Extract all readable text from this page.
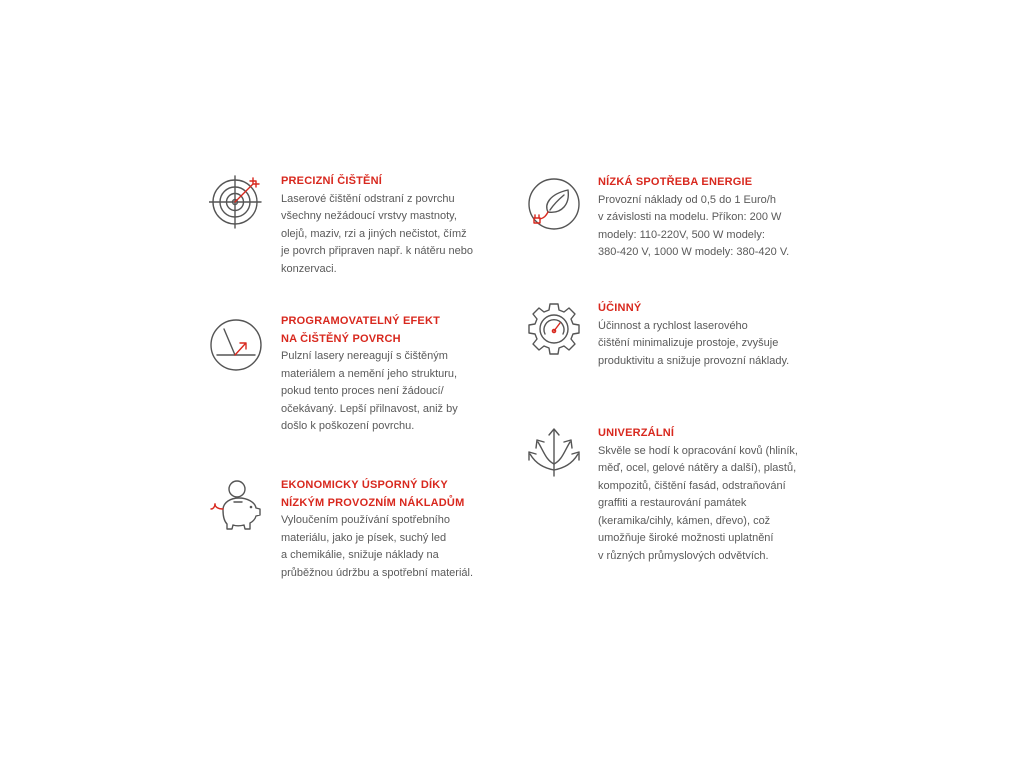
PRECIZNÍ ČIŠTĚNÍ
Laserové čištění odstraní z povrchu
všechny nežádoucí vrstvy mastnoty,
olejů, maziv, rzi a jiných nečistot, čímž
je povrch připraven např. k nátěru nebo
konzervaci.
PROGRAMOVATELNÝ EFEKT
NA ČIŠTĚNÝ POVRCH
Pulzní lasery nereagují s čištěným
materiálem a nemění jeho strukturu,
pokud tento proces není žádoucí/
očekávaný. Lepší přilnavost, aniž by
došlo k poškození povrchu.
EKONOMICKY ÚSPORNÝ DÍKY
NÍZKÝM PROVOZNÍM NÁKLADŮM
Vyloučením používání spotřebního
materiálu, jako je písek, suchý led
a chemikálie, snižuje náklady na
průběžnou údržbu a spotřební materiál.
NÍZKÁ SPOTŘEBA ENERGIE
Provozní náklady od 0,5 do 1 Euro/h
v závislosti na modelu. Příkon: 200 W
modely: 110-220V, 500 W modely:
380-420 V, 1000 W modely: 380-420 V.
ÚČINNÝ
Účinnost a rychlost laserového
čištění minimalizuje prostoje, zvyšuje
produktivitu a snižuje provozní náklady.
UNIVERZÁLNÍ
Skvěle se hodí k opracování kovů (hliník,
měď, ocel, gelové nátěry a další), plastů,
kompozitů, čištění fasád, odstraňování
graffiti a restaurování památek
(keramika/cihly, kámen, dřevo), což
umožňuje široké možnosti uplatnění
v různých průmyslových odvětvích.
